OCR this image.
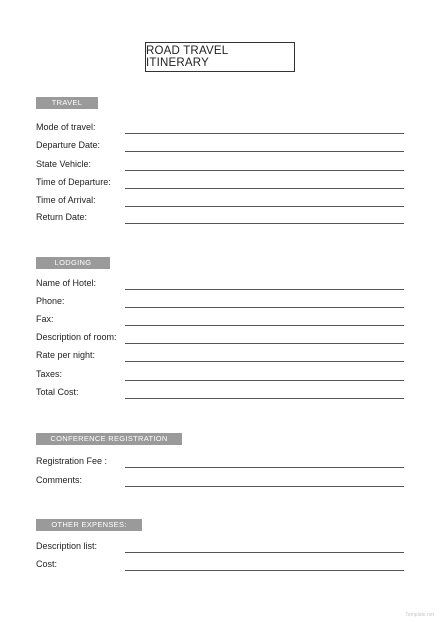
ROAD TRAVEL ITINERARY
TRAVEL
Mode of travel:
Departure Date:
State Vehicle:
Time of Departure:
Time of Arrival:
Return Date:
LODGING
Name of Hotel:
Phone:
Fax:
Description of room:
Rate per night:
Taxes:
Total Cost:
CONFERENCE REGISTRATION
Registration Fee :
Comments:
OTHER EXPENSES:
Description list:
Cost:
Template.net
